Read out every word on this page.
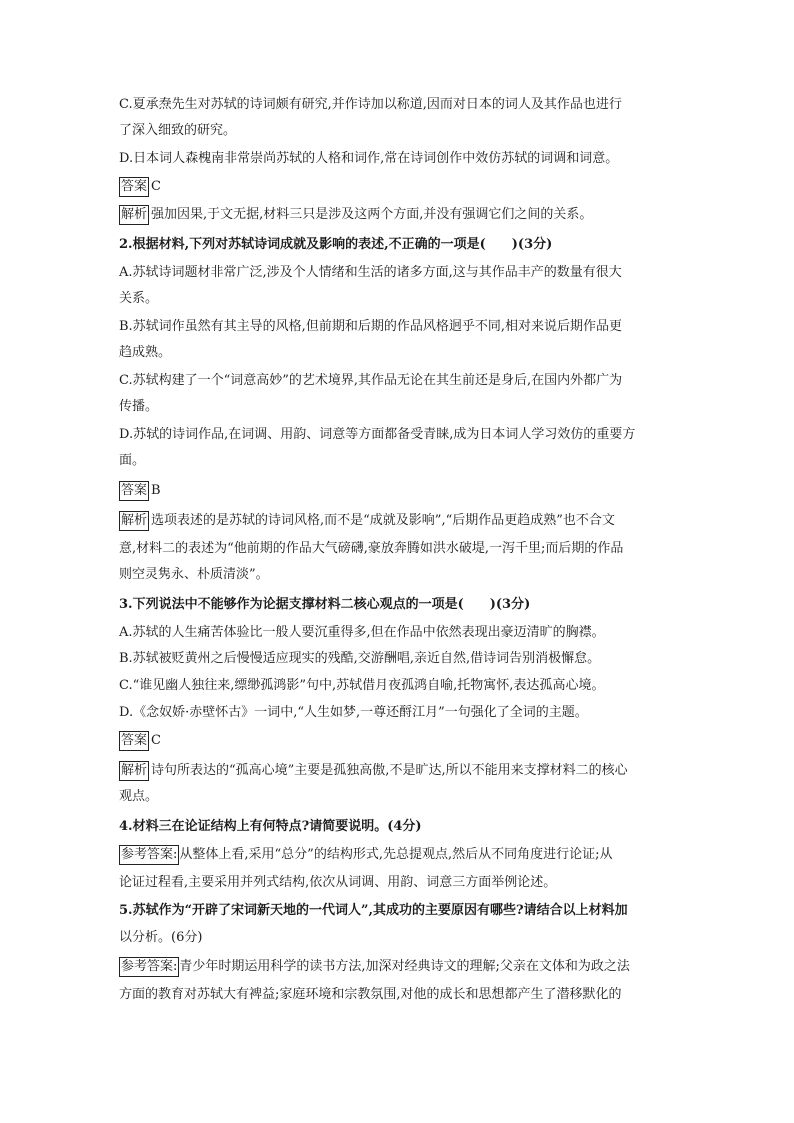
C.夏承焘先生对苏轼的诗词颇有研究,并作诗加以称道,因而对日本的词人及其作品也进行
了深入细致的研究。
D.日本词人森槐南非常崇尚苏轼的人格和词作,常在诗词创作中效仿苏轼的词调和词意。
答案 C
解析 强加因果,于文无据,材料三只是涉及这两个方面,并没有强调它们之间的关系。
2.根据材料,下列对苏轼诗词成就及影响的表述,不正确的一项是(　　)(3分)
A.苏轼诗词题材非常广泛,涉及个人情绪和生活的诸多方面,这与其作品丰产的数量有很大
关系。
B.苏轼词作虽然有其主导的风格,但前期和后期的作品风格迥乎不同,相对来说后期作品更
趋成熟。
C.苏轼构建了一个“词意高妙”的艺术境界,其作品无论在其生前还是身后,在国内外都广为
传播。
D.苏轼的诗词作品,在词调、用韵、词意等方面都备受青睐,成为日本词人学习效仿的重要方
面。
答案 B
解析 选项表述的是苏轼的诗词风格,而不是“成就及影响”,“后期作品更趋成熟”也不合文
意,材料二的表述为“他前期的作品大气磅礴,豪放奔腾如洪水破堤,一泻千里;而后期的作品
则空灵隽永、朴质清淡”。
3.下列说法中不能够作为论据支撑材料二核心观点的一项是(　　)(3分)
A.苏轼的人生痛苦体验比一般人要沉重得多,但在作品中依然表现出豪迈清旷的胸襟。
B.苏轼被贬黄州之后慢慢适应现实的残酷,交游酬唱,亲近自然,借诗词告别消极懈怠。
C.“谁见幽人独往来,缥缈孤鸿影”句中,苏轼借月夜孤鸿自喻,托物寓怀,表达孤高心境。
D.《念奴娇·赤壁怀古》一词中,“人生如梦,一尊还酹江月”一句强化了全词的主题。
答案 C
解析 诗句所表达的“孤高心境”主要是孤独高傲,不是旷达,所以不能用来支撑材料二的核心
观点。
4.材料三在论证结构上有何特点?请简要说明。(4分)
参考答案: 从整体上看,采用“总分”的结构形式,先总提观点,然后从不同角度进行论证;从
论证过程看,主要采用并列式结构,依次从词调、用韵、词意三方面举例论述。
5.苏轼作为“开辟了宋词新天地的一代词人”,其成功的主要原因有哪些?请结合以上材料加
以分析。(6分)
参考答案: 青少年时期运用科学的读书方法,加深对经典诗文的理解;父亲在文体和为政之法
方面的教育对苏轼大有裨益;家庭环境和宗教氛围,对他的成长和思想都产生了潜移默化的
